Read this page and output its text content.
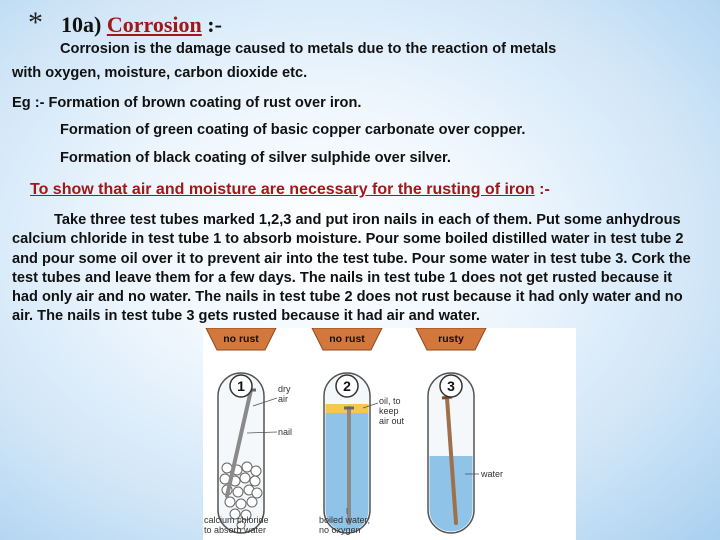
* 10a) Corrosion :-
Corrosion is the damage caused to metals due to the reaction of metals
with oxygen, moisture, carbon dioxide etc.
Eg :- Formation of brown coating of rust over iron.
Formation of green coating of basic copper carbonate over copper.
Formation of black coating of silver sulphide over silver.
To show that air and moisture are necessary for the rusting of iron :-
Take three test tubes marked 1,2,3 and put iron nails in each of them. Put some anhydrous calcium chloride in test tube 1 to absorb moisture. Pour some boiled distilled water in test tube 2 and pour some oil over it to prevent air into the test tube. Pour some water in test tube 3. Cork the test tubes and leave them for a few days. The nails in test tube 1 does not get rusted because it had only air and no water. The nails in test tube 2 does not rust because it had only water and no air. The nails in test tube 3 gets rusted because it had air and water.
no rust
1
no rust
2
rusty
3
dry
air
nail
oil, to
keep
air out
water
calcium chloride
to absorb water
boiled water;
no oxygen
